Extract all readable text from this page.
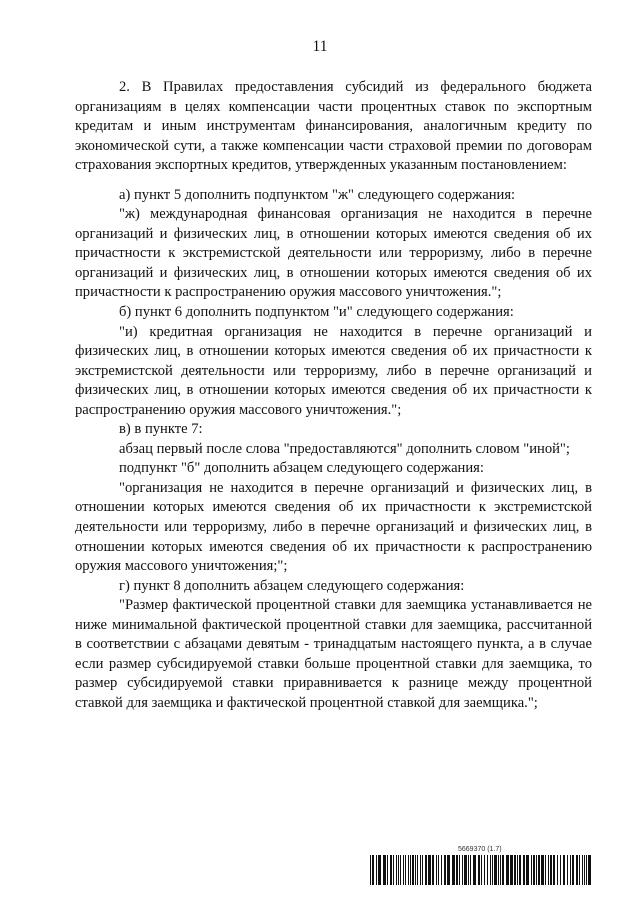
11

2. В Правилах предоставления субсидий из федерального бюджета организациям в целях компенсации части процентных ставок по экспортным кредитам и иным инструментам финансирования, аналогичным кредиту по экономической сути, а также компенсации части страховой премии по договорам страхования экспортных кредитов, утвержденных указанным постановлением:

а) пункт 5 дополнить подпунктом "ж" следующего содержания:

"ж) международная финансовая организация не находится в перечне организаций и физических лиц, в отношении которых имеются сведения об их причастности к экстремистской деятельности или терроризму, либо в перечне организаций и физических лиц, в отношении которых имеются сведения об их причастности к распространению оружия массового уничтожения.";

б) пункт 6 дополнить подпунктом "и" следующего содержания:

"и) кредитная организация не находится в перечне организаций и физических лиц, в отношении которых имеются сведения об их причастности к экстремистской деятельности или терроризму, либо в перечне организаций и физических лиц, в отношении которых имеются сведения об их причастности к распространению оружия массового уничтожения.";

в) в пункте 7:

абзац первый после слова "предоставляются" дополнить словом "иной";

подпункт "б" дополнить абзацем следующего содержания:

"организация не находится в перечне организаций и физических лиц, в отношении которых имеются сведения об их причастности к экстремистской деятельности или терроризму, либо в перечне организаций и физических лиц, в отношении которых имеются сведения об их причастности к распространению оружия массового уничтожения;";

г) пункт 8 дополнить абзацем следующего содержания:

"Размер фактической процентной ставки для заемщика устанавливается не ниже минимальной фактической процентной ставки для заемщика, рассчитанной в соответствии с абзацами девятым - тринадцатым настоящего пункта, а в случае если размер субсидируемой ставки больше процентной ставки для заемщика, то размер субсидируемой ставки приравнивается к разнице между процентной ставкой для заемщика и фактической процентной ставкой для заемщика.";

5669370 (1.7)
